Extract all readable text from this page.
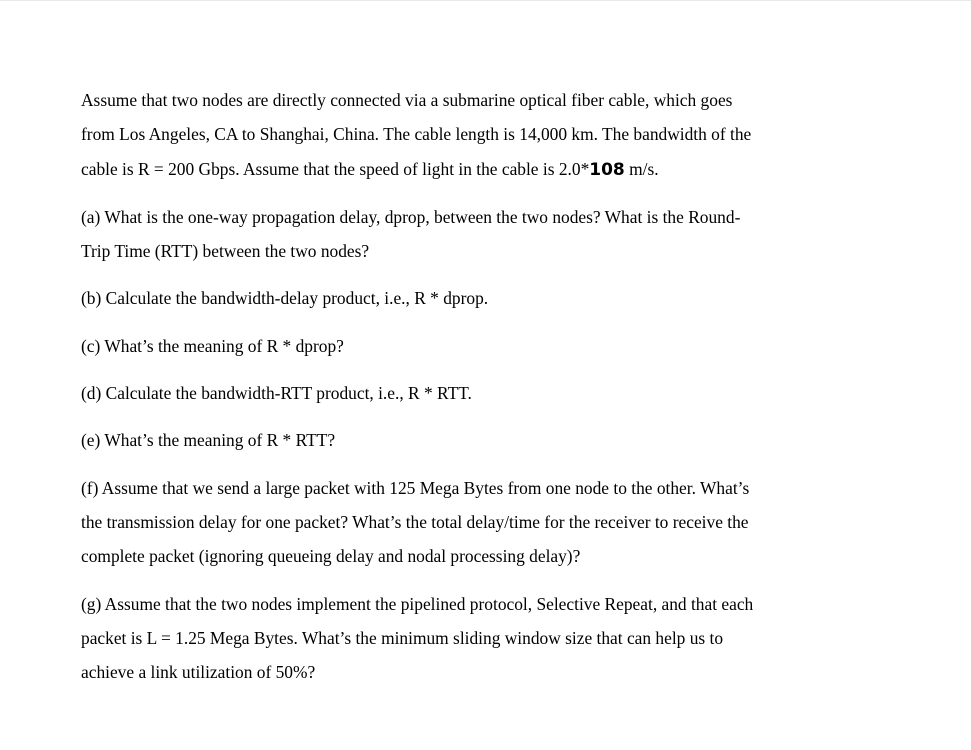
Assume that two nodes are directly connected via a submarine optical fiber cable, which goes
from Los Angeles, CA to Shanghai, China. The cable length is 14,000 km. The bandwidth of the
cable is R = 200 Gbps. Assume that the speed of light in the cable is 2.0*108 m/s.

(a) What is the one-way propagation delay, dprop, between the two nodes? What is the Round-
Trip Time (RTT) between the two nodes?

(b) Calculate the bandwidth-delay product, i.e., R * dprop.

(c) What’s the meaning of R * dprop?

(d) Calculate the bandwidth-RTT product, i.e., R * RTT.

(e) What’s the meaning of R * RTT?

(f) Assume that we send a large packet with 125 Mega Bytes from one node to the other. What’s
the transmission delay for one packet? What’s the total delay/time for the receiver to receive the
complete packet (ignoring queueing delay and nodal processing delay)?

(g) Assume that the two nodes implement the pipelined protocol, Selective Repeat, and that each
packet is L = 1.25 Mega Bytes. What’s the minimum sliding window size that can help us to
achieve a link utilization of 50%?
